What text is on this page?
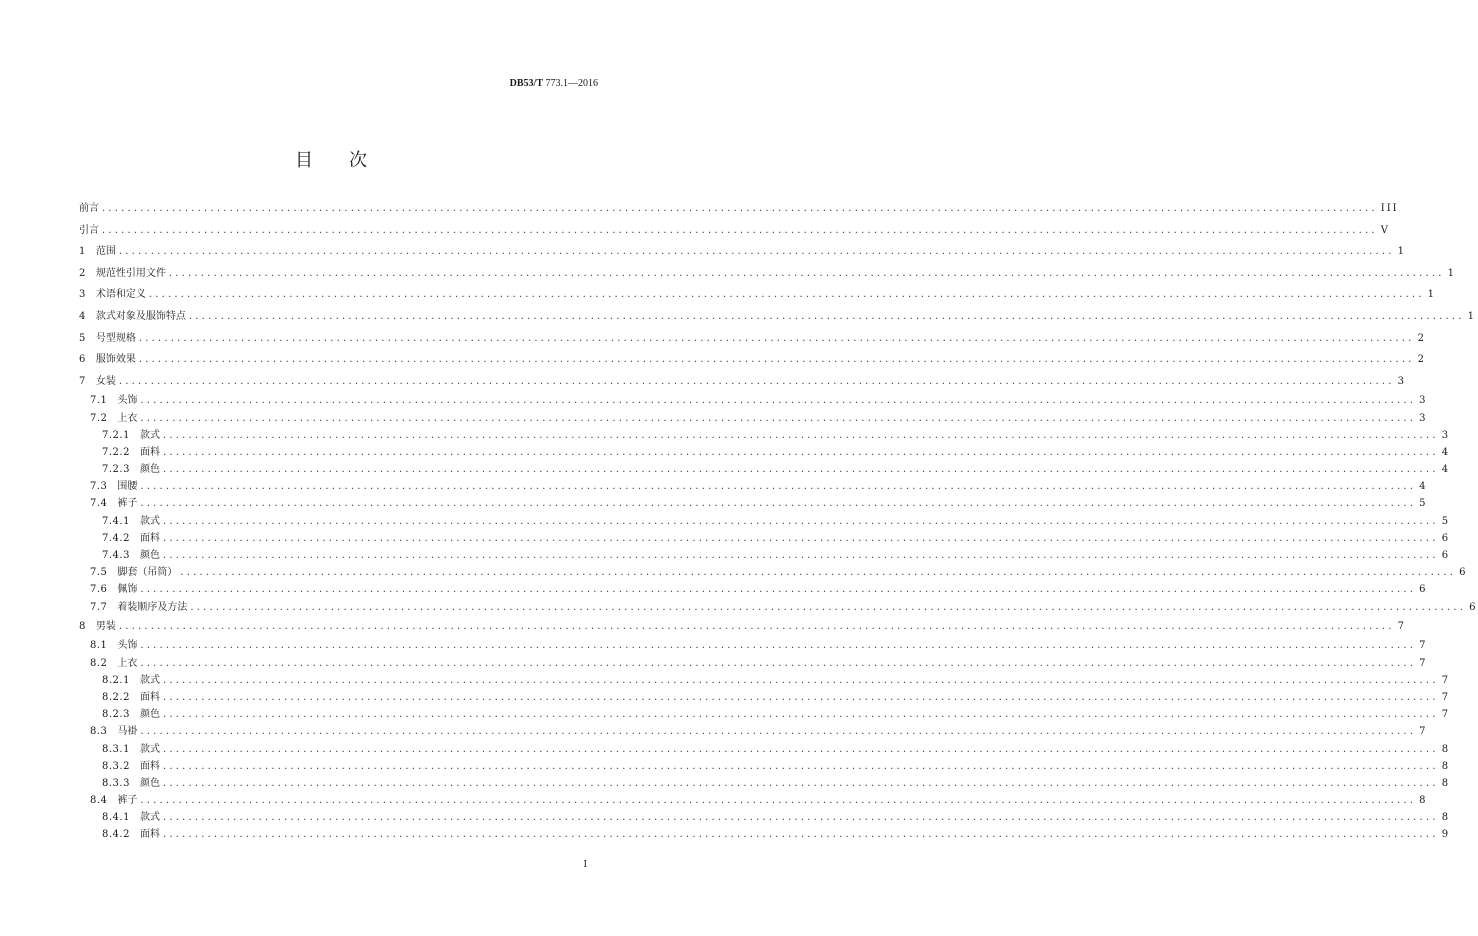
DB53/T 773.1—2016
目次
前言 ........................................................................................................................................................................................................ III
引言 ........................................................................................................................................................................................................ V
1 范围 ........................................................................................................................................................................................................ 1
2 规范性引用文件 ........................................................................................................................................................................................................ 1
3 术语和定义 ........................................................................................................................................................................................................ 1
4 款式对象及服饰特点 ........................................................................................................................................................................................................ 1
5 号型规格 ........................................................................................................................................................................................................ 2
6 服饰效果 ........................................................................................................................................................................................................ 2
7 女装 ........................................................................................................................................................................................................ 3
7.1 头饰 ........................................................................................................................................................................................................ 3
7.2 上衣 ........................................................................................................................................................................................................ 3
7.2.1 款式 ........................................................................................................................................................................................................ 3
7.2.2 面料 ........................................................................................................................................................................................................ 4
7.2.3 颜色 ........................................................................................................................................................................................................ 4
7.3 围腰 ........................................................................................................................................................................................................ 4
7.4 裤子 ........................................................................................................................................................................................................ 5
7.4.1 款式 ........................................................................................................................................................................................................ 5
7.4.2 面料 ........................................................................................................................................................................................................ 6
7.4.3 颜色 ........................................................................................................................................................................................................ 6
7.5 脚套（吊筒） ........................................................................................................................................................................................................ 6
7.6 佩饰 ........................................................................................................................................................................................................ 6
7.7 着装顺序及方法 ........................................................................................................................................................................................................ 6
8 男装 ........................................................................................................................................................................................................ 7
8.1 头饰 ........................................................................................................................................................................................................ 7
8.2 上衣 ........................................................................................................................................................................................................ 7
8.2.1 款式 ........................................................................................................................................................................................................ 7
8.2.2 面料 ........................................................................................................................................................................................................ 7
8.2.3 颜色 ........................................................................................................................................................................................................ 7
8.3 马褂 ........................................................................................................................................................................................................ 7
8.3.1 款式 ........................................................................................................................................................................................................ 8
8.3.2 面料 ........................................................................................................................................................................................................ 8
8.3.3 颜色 ........................................................................................................................................................................................................ 8
8.4 裤子 ........................................................................................................................................................................................................ 8
8.4.1 款式 ........................................................................................................................................................................................................ 8
8.4.2 面料 ........................................................................................................................................................................................................ 9
I
